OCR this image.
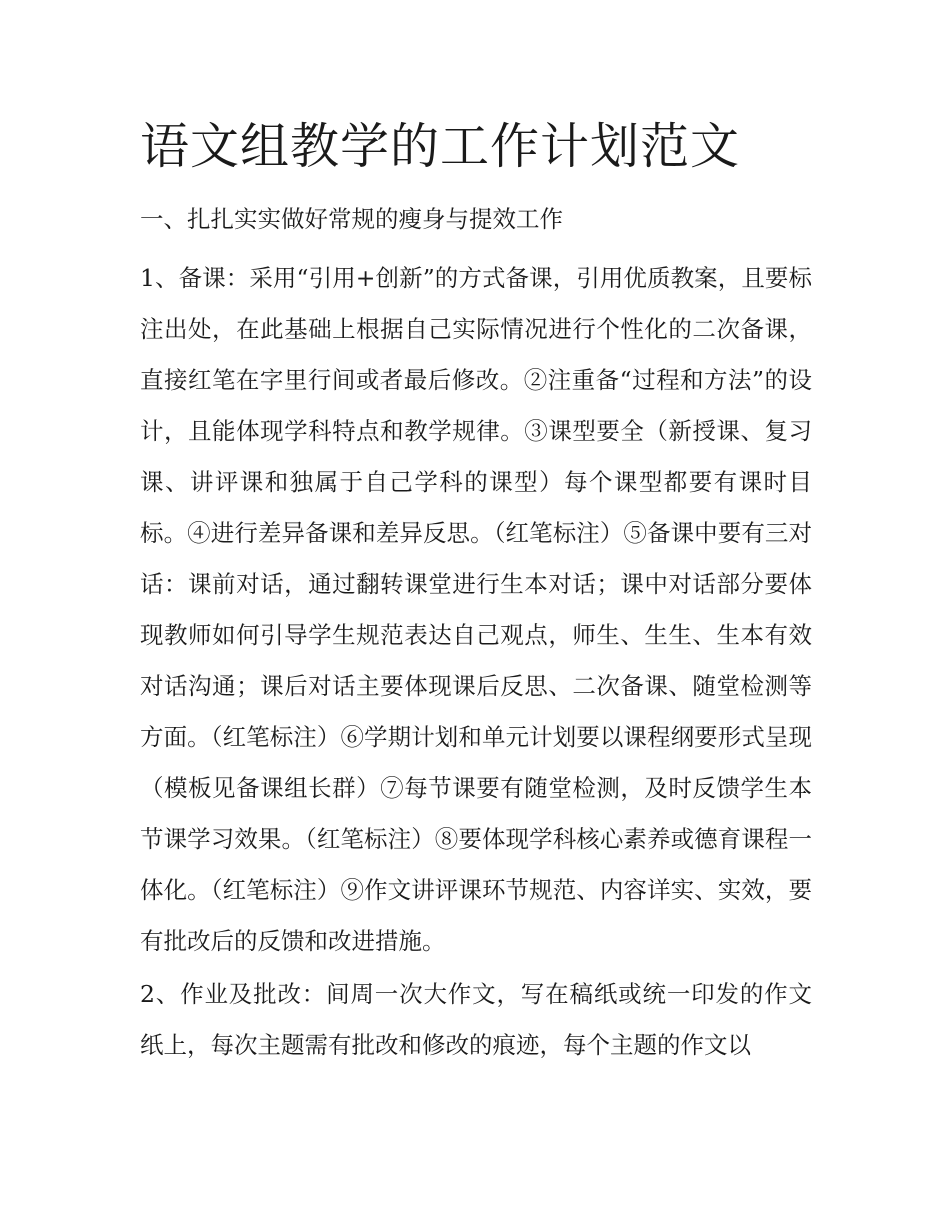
语文组教学的工作计划范文
一、扎扎实实做好常规的瘦身与提效工作

1、备课：采用“引用+创新”的方式备课，引用优质教案，且要标注出处，在此基础上根据自己实际情况进行个性化的二次备课，直接红笔在字里行间或者最后修改。②注重备“过程和方法”的设计，且能体现学科特点和教学规律。③课型要全（新授课、复习课、讲评课和独属于自己学科的课型）每个课型都要有课时目标。④进行差异备课和差异反思。（红笔标注）⑤备课中要有三对话：课前对话，通过翻转课堂进行生本对话；课中对话部分要体现教师如何引导学生规范表达自己观点，师生、生生、生本有效对话沟通；课后对话主要体现课后反思、二次备课、随堂检测等方面。（红笔标注）⑥学期计划和单元计划要以课程纲要形式呈现（模板见备课组长群）⑦每节课要有随堂检测，及时反馈学生本节课学习效果。（红笔标注）⑧要体现学科核心素养或德育课程一体化。（红笔标注）⑨作文讲评课环节规范、内容详实、实效，要有批改后的反馈和改进措施。

2、作业及批改：间周一次大作文，写在稿纸或统一印发的作文纸上，每次主题需有批改和修改的痕迹，每个主题的作文以
